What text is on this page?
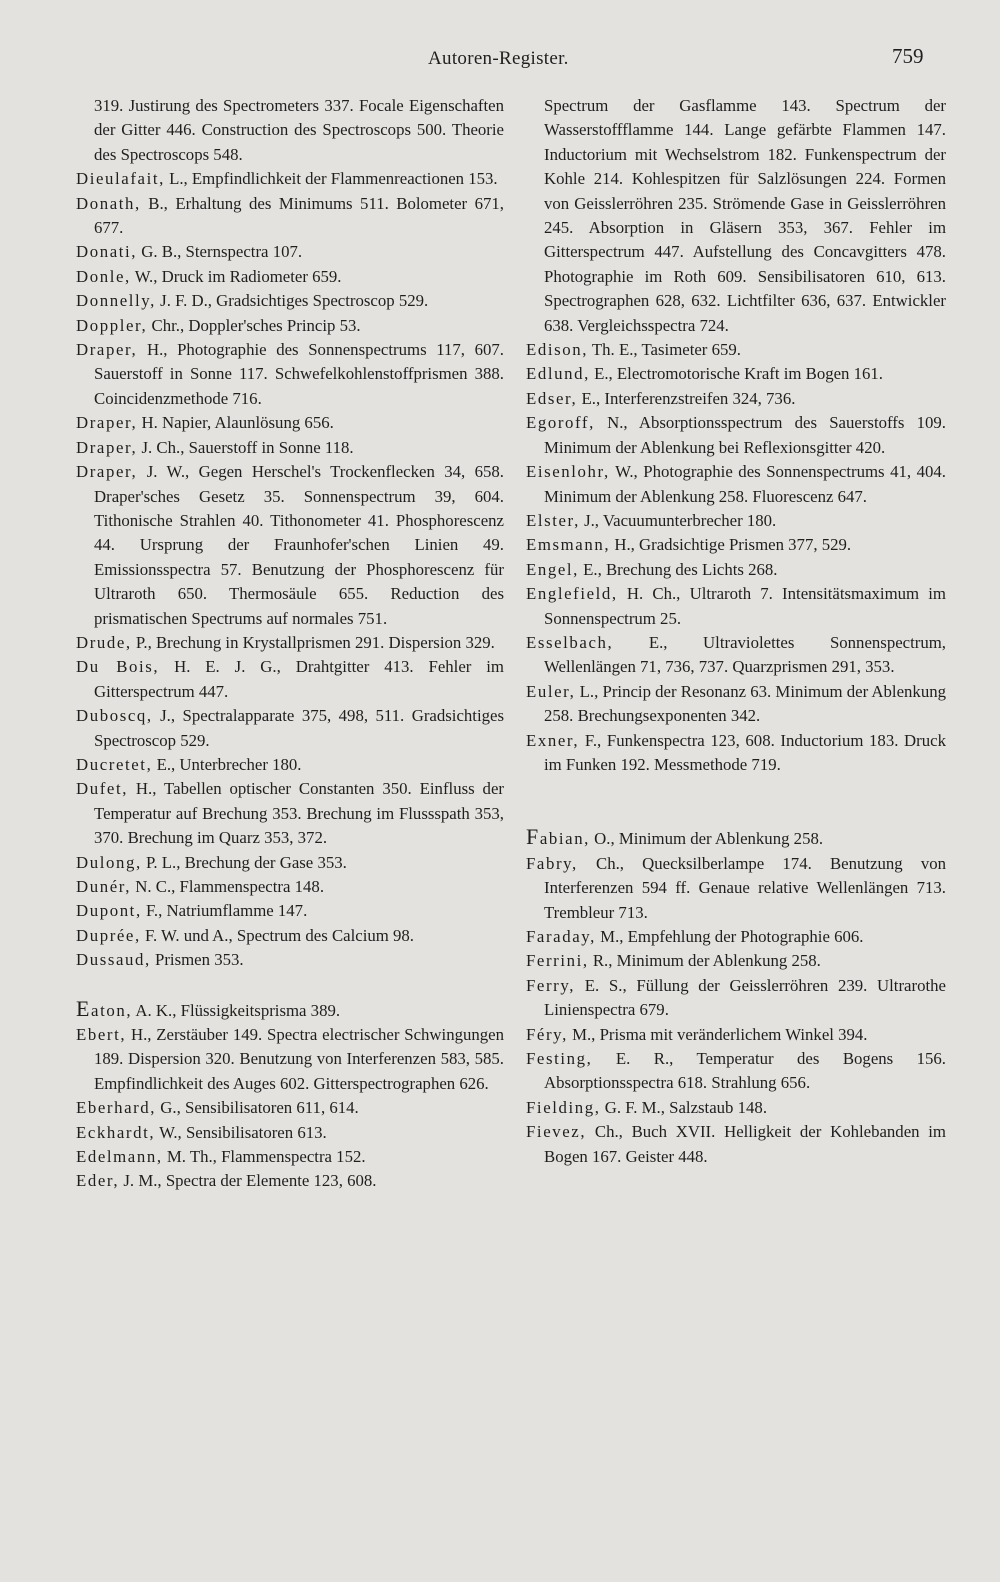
Autoren-Register.	759
319. Justirung des Spectrometers 337. Focale Eigenschaften der Gitter 446. Construction des Spectroscops 500. Theorie des Spectroscops 548.
Dieulafait, L., Empfindlichkeit der Flammenreactionen 153.
Donath, B., Erhaltung des Minimums 511. Bolometer 671, 677.
Donati, G. B., Sternspectra 107.
Donle, W., Druck im Radiometer 659.
Donnelly, J. F. D., Gradsichtiges Spectroscop 529.
Doppler, Chr., Doppler'sches Princip 53.
Draper, H., Photographie des Sonnenspectrums 117, 607. Sauerstoff in Sonne 117. Schwefelkohlenstoffprismen 388. Coincidenzmethode 716.
Draper, H. Napier, Alaunlösung 656.
Draper, J. Ch., Sauerstoff in Sonne 118.
Draper, J. W., Gegen Herschel's Trockenflecken 34, 658. Draper'sches Gesetz 35. Sonnenspectrum 39, 604. Tithonische Strahlen 40. Tithonometer 41. Phosphorescenz 44. Ursprung der Fraunhofer'schen Linien 49. Emissionsspectra 57. Benutzung der Phosphorescenz für Ultraroth 650. Thermosäule 655. Reduction des prismatischen Spectrums auf normales 751.
Drude, P., Brechung in Krystallprismen 291. Dispersion 329.
Du Bois, H. E. J. G., Drahtgitter 413. Fehler im Gitterspectrum 447.
Duboscq, J., Spectralapparate 375, 498, 511. Gradsichtiges Spectroscop 529.
Ducretet, E., Unterbrecher 180.
Dufet, H., Tabellen optischer Constanten 350. Einfluss der Temperatur auf Brechung 353. Brechung im Flussspath 353, 370. Brechung im Quarz 353, 372.
Dulong, P. L., Brechung der Gase 353.
Dunér, N. C., Flammenspectra 148.
Dupont, F., Natriumflamme 147.
Duprée, F. W. und A., Spectrum des Calcium 98.
Dussaud, Prismen 353.
Eaton, A. K., Flüssigkeitsprisma 389.
Ebert, H., Zerstäuber 149. Spectra electrischer Schwingungen 189. Dispersion 320. Benutzung von Interferenzen 583, 585. Empfindlichkeit des Auges 602. Gitterspectrographen 626.
Eberhard, G., Sensibilisatoren 611, 614.
Eckhardt, W., Sensibilisatoren 613.
Edelmann, M. Th., Flammenspectra 152.
Eder, J. M., Spectra der Elemente 123, 608.
Spectrum der Gasflamme 143. Spectrum der Wasserstoffflamme 144. Lange gefärbte Flammen 147. Inductorium mit Wechselstrom 182. Funkenspectrum der Kohle 214. Kohlespitzen für Salzlösungen 224. Formen von Geisslerröhren 235. Strömende Gase in Geisslerröhren 245. Absorption in Gläsern 353, 367. Fehler im Gitterspectrum 447. Aufstellung des Concavgitters 478. Photographie im Roth 609. Sensibilisatoren 610, 613. Spectrographen 628, 632. Lichtfilter 636, 637. Entwickler 638. Vergleichsspectra 724.
Edison, Th. E., Tasimeter 659.
Edlund, E., Electromotorische Kraft im Bogen 161.
Edser, E., Interferenzstreifen 324, 736.
Egoroff, N., Absorptionsspectrum des Sauerstoffs 109. Minimum der Ablenkung bei Reflexionsgitter 420.
Eisenlohr, W., Photographie des Sonnenspectrums 41, 404. Minimum der Ablenkung 258. Fluorescenz 647.
Elster, J., Vacuumunterbrecher 180.
Emsmann, H., Gradsichtige Prismen 377, 529.
Engel, E., Brechung des Lichts 268.
Englefield, H. Ch., Ultraroth 7. Intensitätsmaximum im Sonnenspectrum 25.
Esselbach, E., Ultraviolettes Sonnenspectrum, Wellenlängen 71, 736, 737. Quarzprismen 291, 353.
Euler, L., Princip der Resonanz 63. Minimum der Ablenkung 258. Brechungsexponenten 342.
Exner, F., Funkenspectra 123, 608. Inductorium 183. Druck im Funken 192. Messmethode 719.
Fabian, O., Minimum der Ablenkung 258.
Fabry, Ch., Quecksilberlampe 174. Benutzung von Interferenzen 594 ff. Genaue relative Wellenlängen 713. Trembleur 713.
Faraday, M., Empfehlung der Photographie 606.
Ferrini, R., Minimum der Ablenkung 258.
Ferry, E. S., Füllung der Geisslerröhren 239. Ultrarothe Linienspectra 679.
Féry, M., Prisma mit veränderlichem Winkel 394.
Festing, E. R., Temperatur des Bogens 156. Absorptionsspectra 618. Strahlung 656.
Fielding, G. F. M., Salzstaub 148.
Fievez, Ch., Buch XVII. Helligkeit der Kohlebanden im Bogen 167. Geister 448.
